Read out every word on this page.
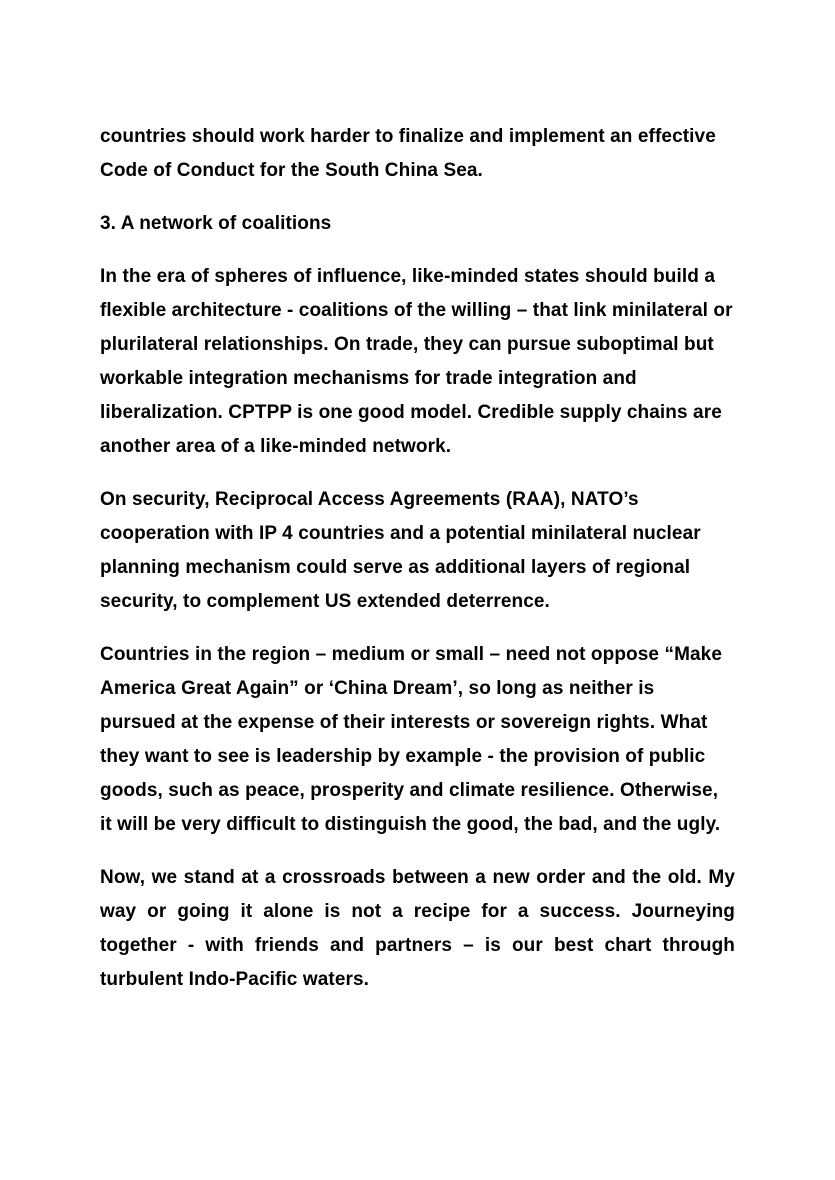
countries should work harder to finalize and implement an effective Code of Conduct for the South China Sea.

3. A network of coalitions

In the era of spheres of influence, like-minded states should build a flexible architecture - coalitions of the willing – that link minilateral or plurilateral relationships. On trade, they can pursue suboptimal but workable integration mechanisms for trade integration and liberalization. CPTPP is one good model. Credible supply chains are another area of a like-minded network.

On security, Reciprocal Access Agreements (RAA), NATO’s cooperation with IP 4 countries and a potential minilateral nuclear planning mechanism could serve as additional layers of regional security, to complement US extended deterrence.

Countries in the region – medium or small – need not oppose “Make America Great Again” or ‘China Dream’, so long as neither is pursued at the expense of their interests or sovereign rights. What they want to see is leadership by example - the provision of public goods, such as peace, prosperity and climate resilience. Otherwise, it will be very difficult to distinguish the good, the bad, and the ugly.

Now, we stand at a crossroads between a new order and the old. My way or going it alone is not a recipe for a success. Journeying together - with friends and partners – is our best chart through turbulent Indo-Pacific waters.
